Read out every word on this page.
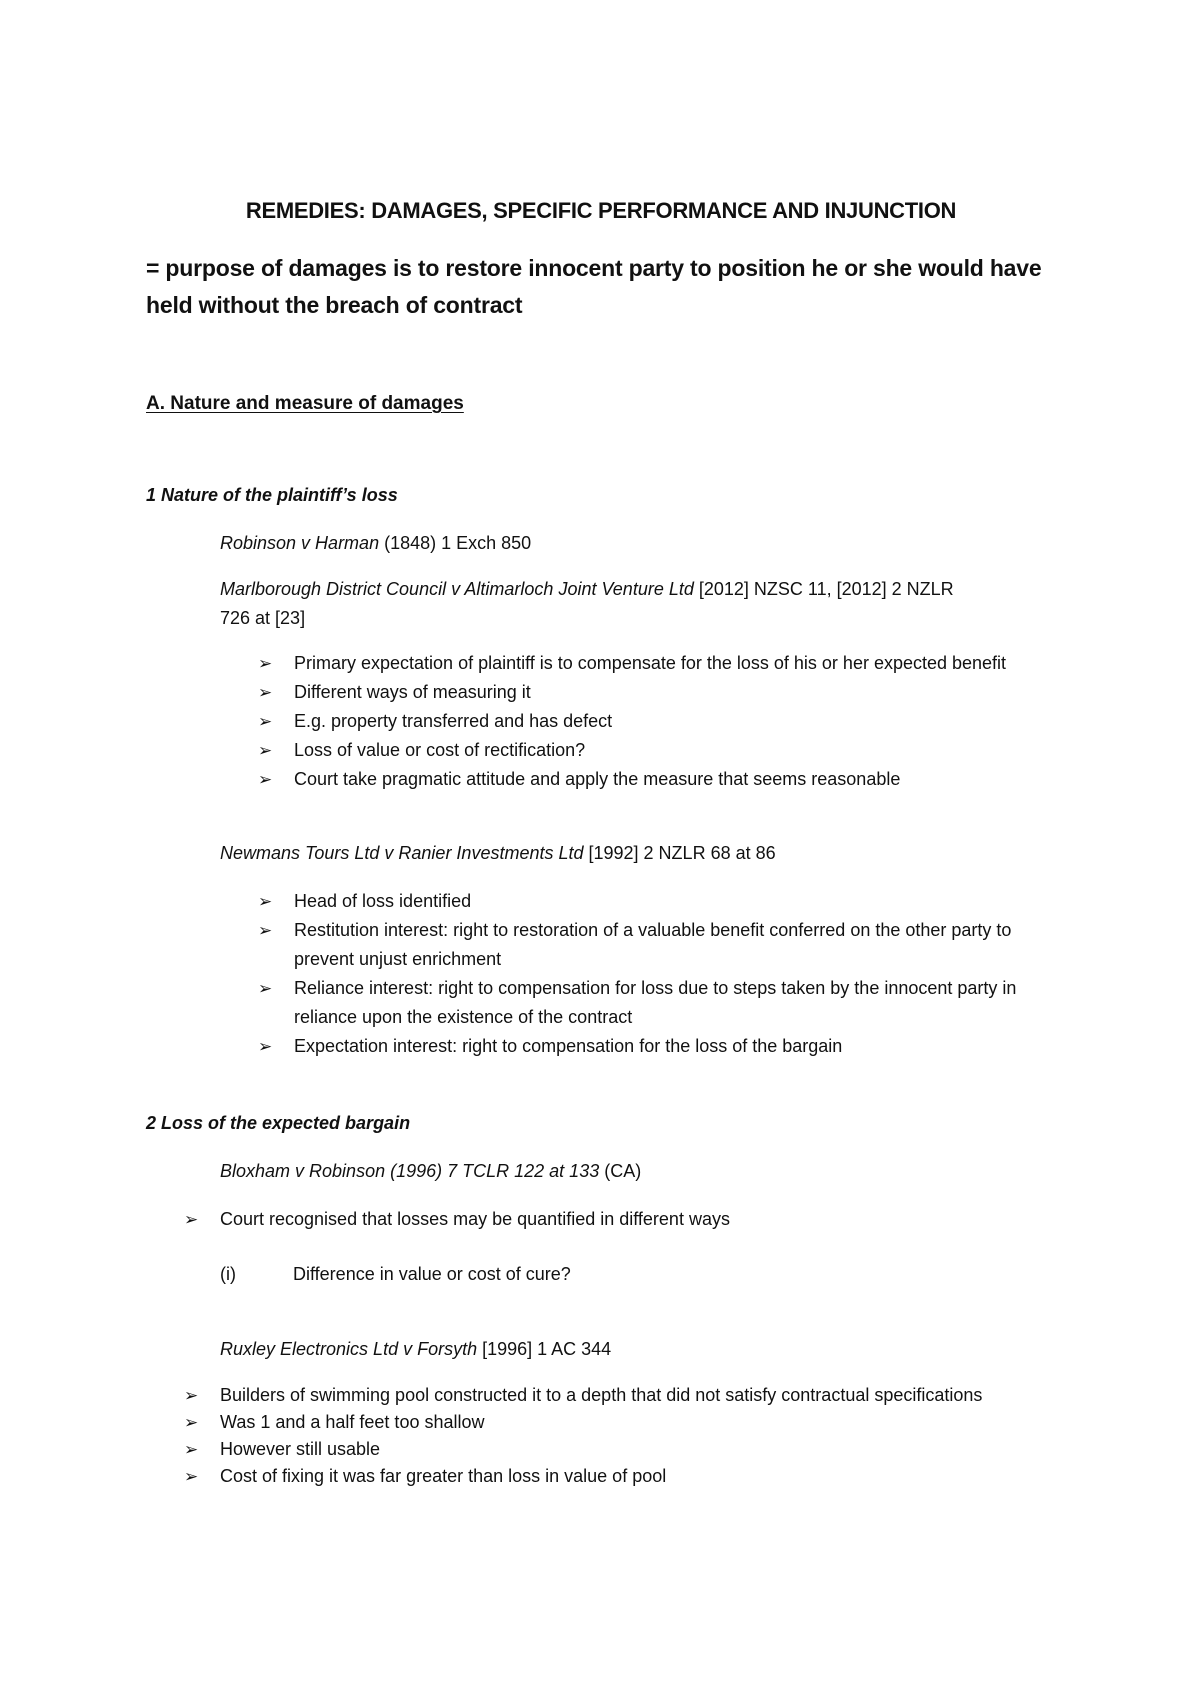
REMEDIES: DAMAGES, SPECIFIC PERFORMANCE AND INJUNCTION
= purpose of damages is to restore innocent party to position he or she would have held without the breach of contract
A. Nature and measure of damages
1 Nature of the plaintiff’s loss
Robinson v Harman (1848) 1 Exch 850
Marlborough District Council v Altimarloch Joint Venture Ltd [2012] NZSC 11, [2012] 2 NZLR
726 at [23]
➢ Primary expectation of plaintiff is to compensate for the loss of his or her expected benefit
➢ Different ways of measuring it
➢ E.g. property transferred and has defect
➢ Loss of value or cost of rectification?
➢ Court take pragmatic attitude and apply the measure that seems reasonable
Newmans Tours Ltd v Ranier Investments Ltd [1992] 2 NZLR 68 at 86
➢ Head of loss identified
➢ Restitution interest: right to restoration of a valuable benefit conferred on the other party to prevent unjust enrichment
➢ Reliance interest: right to compensation for loss due to steps taken by the innocent party in reliance upon the existence of the contract
➢ Expectation interest: right to compensation for the loss of the bargain
2 Loss of the expected bargain
Bloxham v Robinson (1996) 7 TCLR 122 at 133 (CA)
➢ Court recognised that losses may be quantified in different ways
(i)	Difference in value or cost of cure?
Ruxley Electronics Ltd v Forsyth [1996] 1 AC 344
➢ Builders of swimming pool constructed it to a depth that did not satisfy contractual specifications
➢ Was 1 and a half feet too shallow
➢ However still usable
➢ Cost of fixing it was far greater than loss in value of pool
